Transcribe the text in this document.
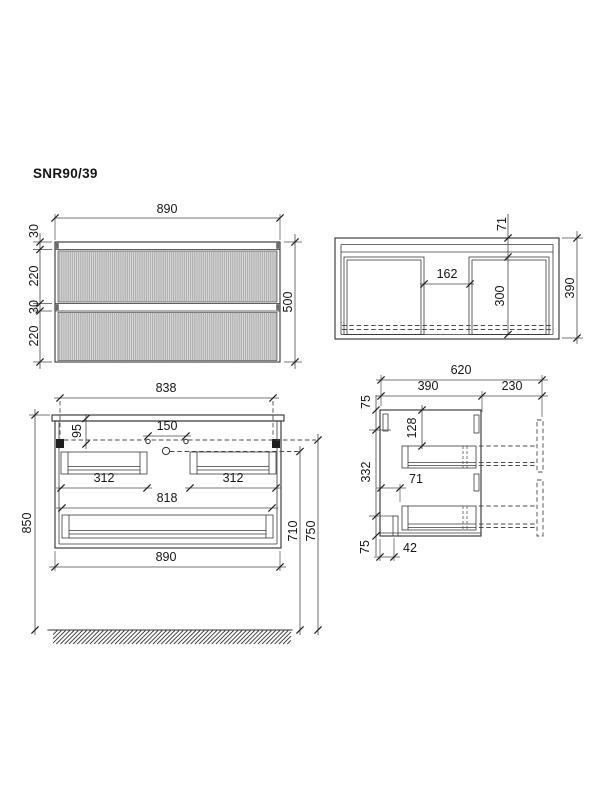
SNR90/39
890
30
220
30
220
500
162
71
300	390
838
95	150
312	312
818
890
850	710 750
620
390	230
128
71
42
75
332
75
